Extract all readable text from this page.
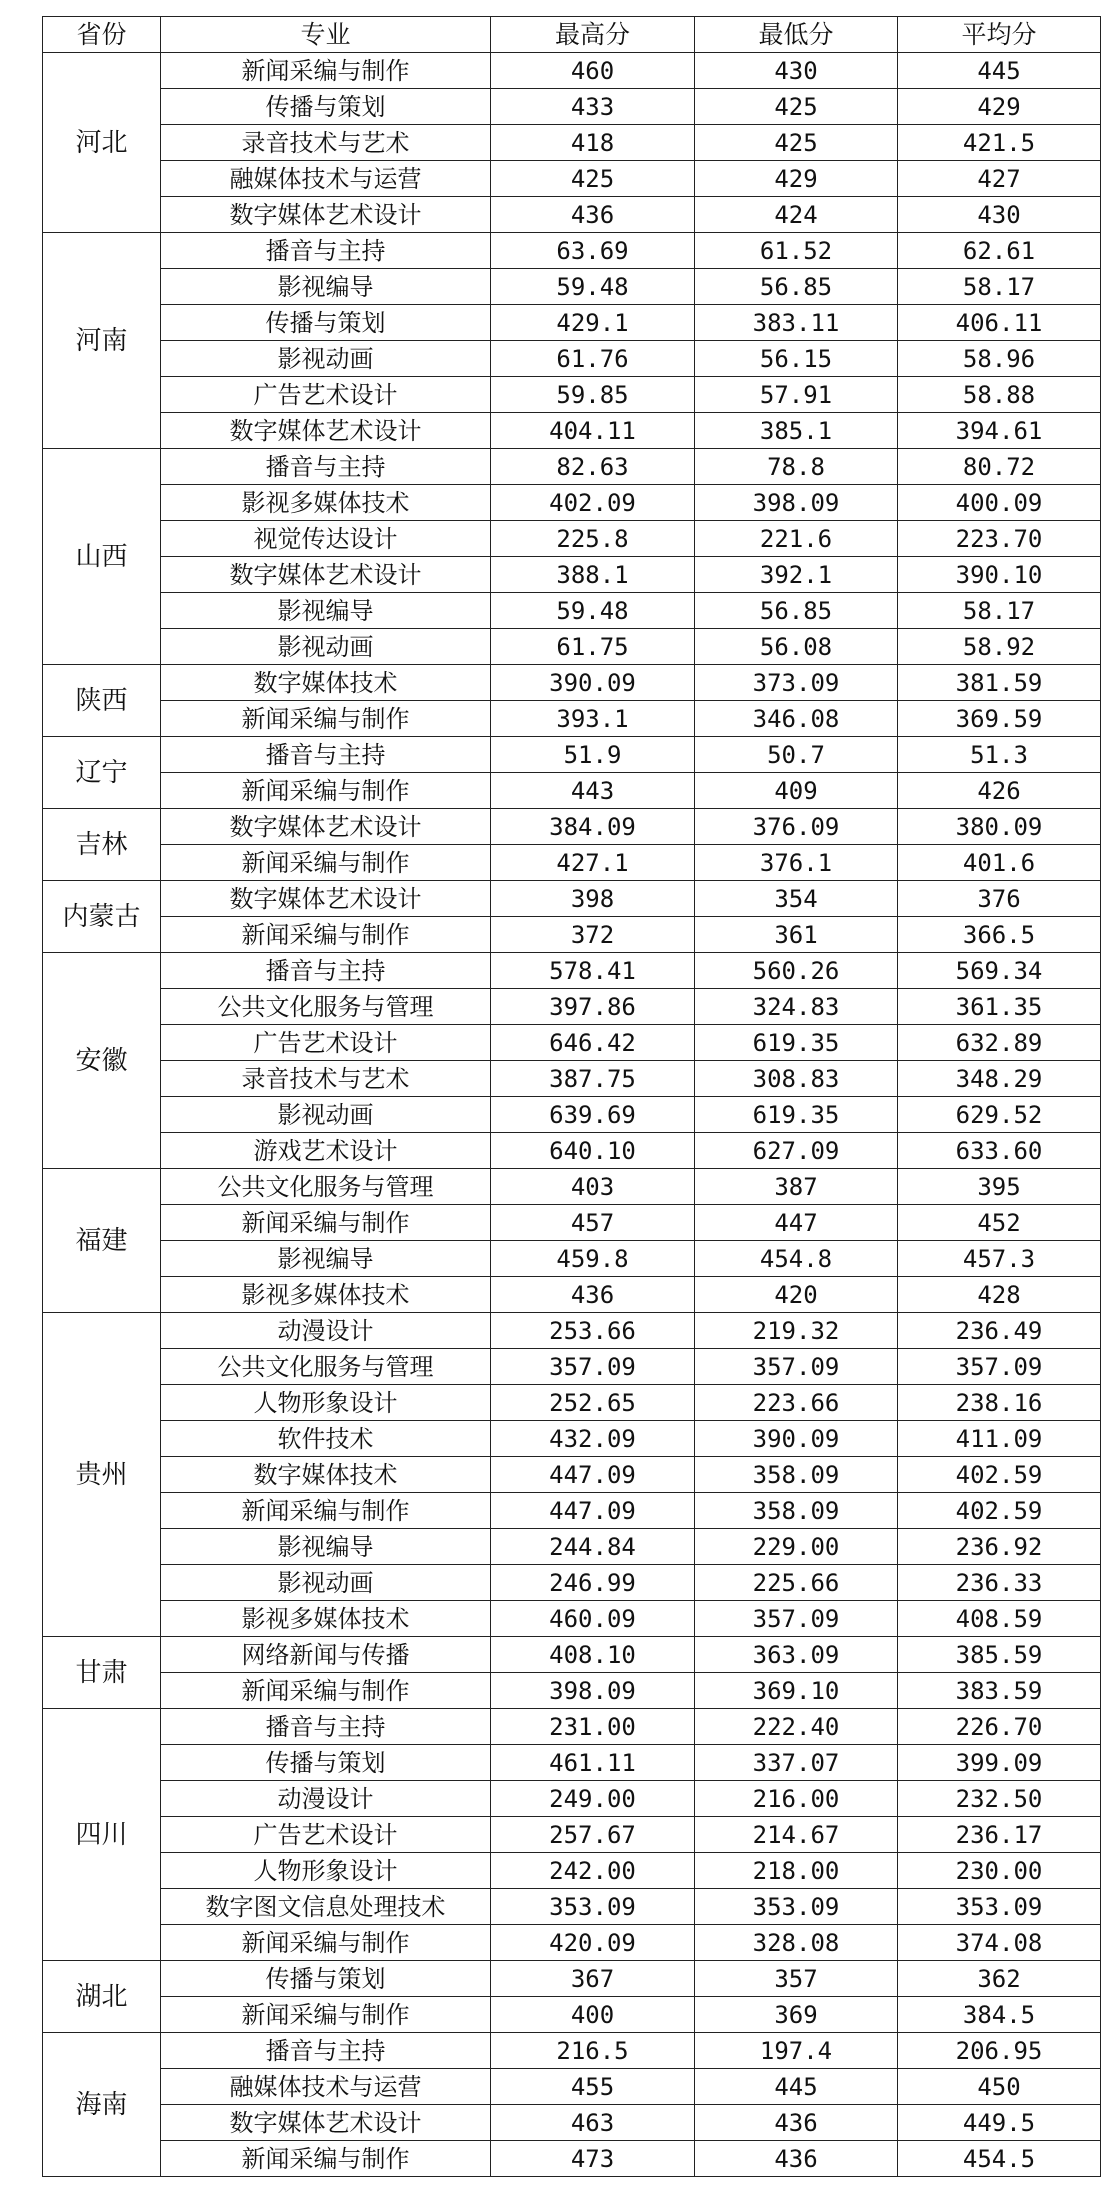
省份	专业	最高分	最低分	平均分
河北	新闻采编与制作	460	430	445
	传播与策划	433	425	429
	录音技术与艺术	418	425	421.5
	融媒体技术与运营	425	429	427
	数字媒体艺术设计	436	424	430
河南	播音与主持	63.69	61.52	62.61
	影视编导	59.48	56.85	58.17
	传播与策划	429.1	383.11	406.11
	影视动画	61.76	56.15	58.96
	广告艺术设计	59.85	57.91	58.88
	数字媒体艺术设计	404.11	385.1	394.61
山西	播音与主持	82.63	78.8	80.72
	影视多媒体技术	402.09	398.09	400.09
	视觉传达设计	225.8	221.6	223.70
	数字媒体艺术设计	388.1	392.1	390.10
	影视编导	59.48	56.85	58.17
	影视动画	61.75	56.08	58.92
陕西	数字媒体技术	390.09	373.09	381.59
	新闻采编与制作	393.1	346.08	369.59
辽宁	播音与主持	51.9	50.7	51.3
	新闻采编与制作	443	409	426
吉林	数字媒体艺术设计	384.09	376.09	380.09
	新闻采编与制作	427.1	376.1	401.6
内蒙古	数字媒体艺术设计	398	354	376
	新闻采编与制作	372	361	366.5
安徽	播音与主持	578.41	560.26	569.34
	公共文化服务与管理	397.86	324.83	361.35
	广告艺术设计	646.42	619.35	632.89
	录音技术与艺术	387.75	308.83	348.29
	影视动画	639.69	619.35	629.52
	游戏艺术设计	640.10	627.09	633.60
福建	公共文化服务与管理	403	387	395
	新闻采编与制作	457	447	452
	影视编导	459.8	454.8	457.3
	影视多媒体技术	436	420	428
贵州	动漫设计	253.66	219.32	236.49
	公共文化服务与管理	357.09	357.09	357.09
	人物形象设计	252.65	223.66	238.16
	软件技术	432.09	390.09	411.09
	数字媒体技术	447.09	358.09	402.59
	新闻采编与制作	447.09	358.09	402.59
	影视编导	244.84	229.00	236.92
	影视动画	246.99	225.66	236.33
	影视多媒体技术	460.09	357.09	408.59
甘肃	网络新闻与传播	408.10	363.09	385.59
	新闻采编与制作	398.09	369.10	383.59
四川	播音与主持	231.00	222.40	226.70
	传播与策划	461.11	337.07	399.09
	动漫设计	249.00	216.00	232.50
	广告艺术设计	257.67	214.67	236.17
	人物形象设计	242.00	218.00	230.00
	数字图文信息处理技术	353.09	353.09	353.09
	新闻采编与制作	420.09	328.08	374.08
湖北	传播与策划	367	357	362
	新闻采编与制作	400	369	384.5
海南	播音与主持	216.5	197.4	206.95
	融媒体技术与运营	455	445	450
	数字媒体艺术设计	463	436	449.5
	新闻采编与制作	473	436	454.5
